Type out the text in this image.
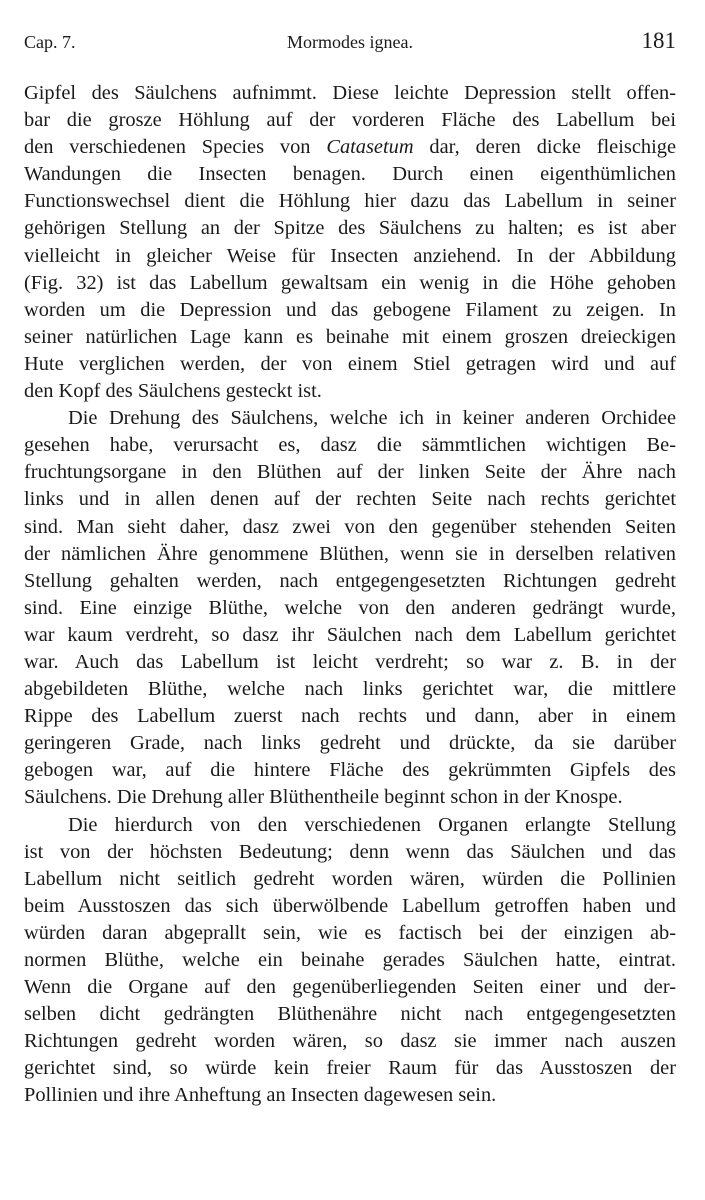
Cap. 7.	Mormodes ignea.	181
Gipfel des Säulchens aufnimmt. Diese leichte Depression stellt offen-
bar die grosze Höhlung auf der vorderen Fläche des Labellum bei
den verschiedenen Species von Catasetum dar, deren dicke fleischige
Wandungen die Insecten benagen. Durch einen eigenthümlichen
Functionswechsel dient die Höhlung hier dazu das Labellum in seiner
gehörigen Stellung an der Spitze des Säulchens zu halten; es ist aber
vielleicht in gleicher Weise für Insecten anziehend. In der Abbildung
(Fig. 32) ist das Labellum gewaltsam ein wenig in die Höhe gehoben
worden um die Depression und das gebogene Filament zu zeigen. In
seiner natürlichen Lage kann es beinahe mit einem groszen dreieckigen
Hute verglichen werden, der von einem Stiel getragen wird und auf
den Kopf des Säulchens gesteckt ist.
Die Drehung des Säulchens, welche ich in keiner anderen Orchidee
gesehen habe, verursacht es, dasz die sämmtlichen wichtigen Be-
fruchtungsorgane in den Blüthen auf der linken Seite der Ähre nach
links und in allen denen auf der rechten Seite nach rechts gerichtet
sind. Man sieht daher, dasz zwei von den gegenüber stehenden Seiten
der nämlichen Ähre genommene Blüthen, wenn sie in derselben relativen
Stellung gehalten werden, nach entgegengesetzten Richtungen gedreht
sind. Eine einzige Blüthe, welche von den anderen gedrängt wurde,
war kaum verdreht, so dasz ihr Säulchen nach dem Labellum gerichtet
war. Auch das Labellum ist leicht verdreht; so war z. B. in der
abgebildeten Blüthe, welche nach links gerichtet war, die mittlere
Rippe des Labellum zuerst nach rechts und dann, aber in einem
geringeren Grade, nach links gedreht und drückte, da sie darüber
gebogen war, auf die hintere Fläche des gekrümmten Gipfels des
Säulchens. Die Drehung aller Blüthentheile beginnt schon in der Knospe.
Die hierdurch von den verschiedenen Organen erlangte Stellung
ist von der höchsten Bedeutung; denn wenn das Säulchen und das
Labellum nicht seitlich gedreht worden wären, würden die Pollinien
beim Ausstoszen das sich überwölbende Labellum getroffen haben und
würden daran abgeprallt sein, wie es factisch bei der einzigen ab-
normen Blüthe, welche ein beinahe gerades Säulchen hatte, eintrat.
Wenn die Organe auf den gegenüberliegenden Seiten einer und der-
selben dicht gedrängten Blüthenähre nicht nach entgegengesetzten
Richtungen gedreht worden wären, so dasz sie immer nach auszen
gerichtet sind, so würde kein freier Raum für das Ausstoszen der
Pollinien und ihre Anheftung an Insecten dagewesen sein.
